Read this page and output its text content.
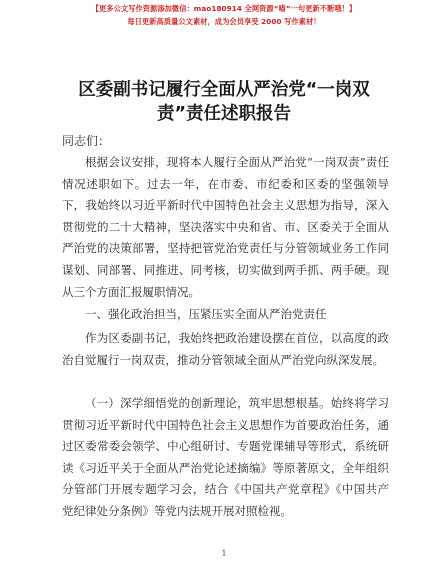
【更多公文写作资源添加微信：mao180914 全网资源“喵”一句更新不断哦！】
每日更新高质量公文素材，成为会员享受 2000 写作素材！
区委副书记履行全面从严治党“一岗双责”责任述职报告
同志们：

根据会议安排，现将本人履行全面从严治党“一岗双责”责任情况述职如下。过去一年，在市委、市纪委和区委的坚强领导下，我始终以习近平新时代中国特色社会主义思想为指导，深入贯彻党的二十大精神，坚决落实中央和省、市、区委关于全面从严治党的决策部署，坚持把管党治党责任与分管领域业务工作同谋划、同部署、同推进、同考核，切实做到两手抓、两手硬。现从三个方面汇报履职情况。

一、强化政治担当，压紧压实全面从严治党责任

作为区委副书记，我始终把政治建设摆在首位，以高度的政治自觉履行一岗双责，推动分管领域全面从严治党向纵深发展。

（一）深学细悟党的创新理论，筑牢思想根基。始终将学习贯彻习近平新时代中国特色社会主义思想作为首要政治任务，通过区委常委会领学、中心组研讨、专题党课辅导等形式，系统研读《习近平关于全面从严治党论述摘编》等原著原文，全年组织分管部门开展专题学习会，结合《中国共产党章程》《中国共产党纪律处分条例》等党内法规开展对照检视。

1
